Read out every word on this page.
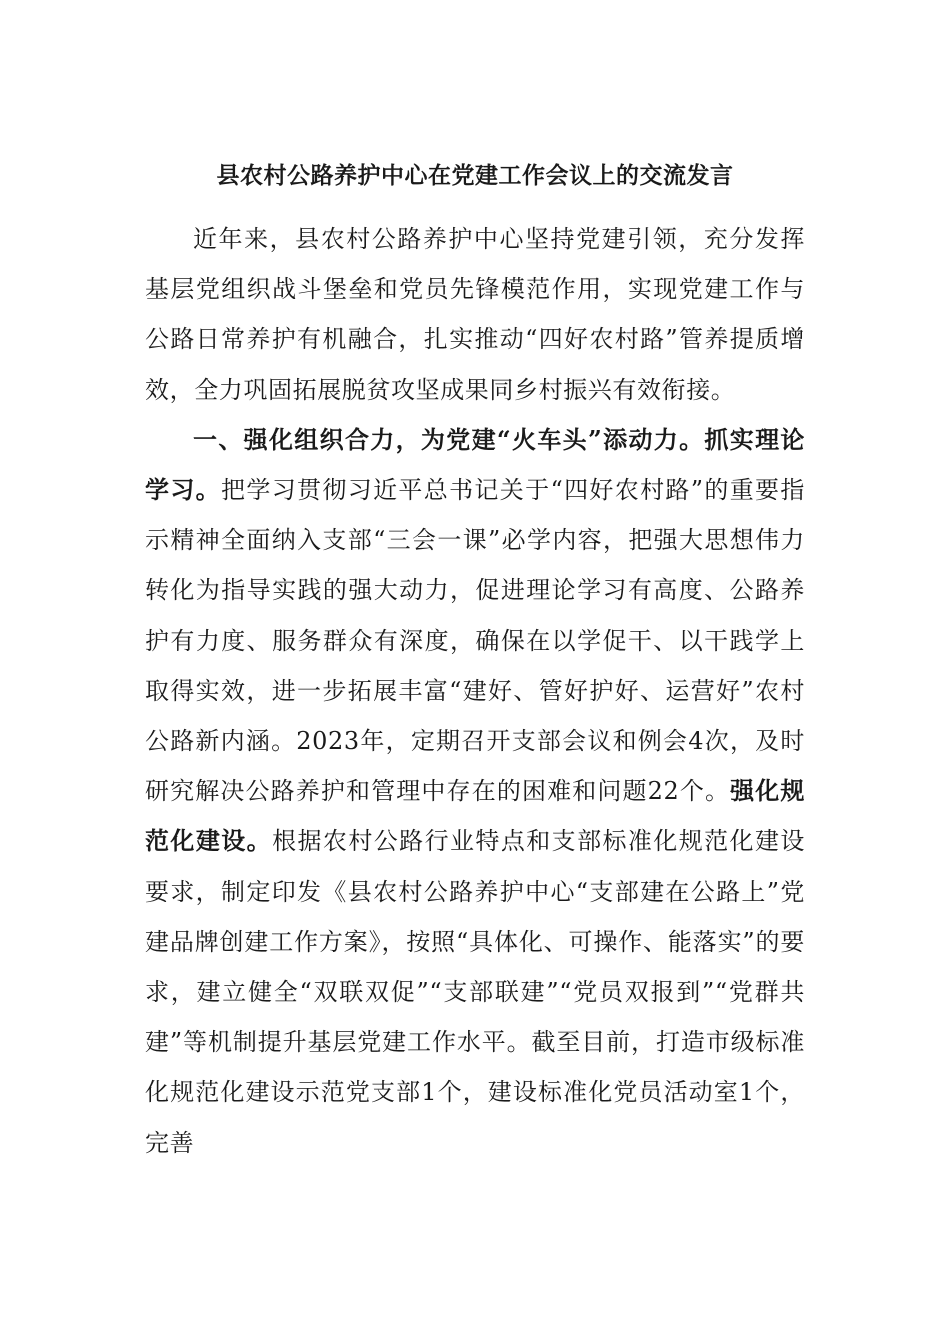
县农村公路养护中心在党建工作会议上的交流发言

近年来，县农村公路养护中心坚持党建引领，充分发挥基层党组织战斗堡垒和党员先锋模范作用，实现党建工作与公路日常养护有机融合，扎实推动“四好农村路”管养提质增效，全力巩固拓展脱贫攻坚成果同乡村振兴有效衔接。

一、强化组织合力，为党建“火车头”添动力。抓实理论学习。把学习贯彻习近平总书记关于“四好农村路”的重要指示精神全面纳入支部“三会一课”必学内容，把强大思想伟力转化为指导实践的强大动力，促进理论学习有高度、公路养护有力度、服务群众有深度，确保在以学促干、以干践学上取得实效，进一步拓展丰富“建好、管好护好、运营好”农村公路新内涵。2023年，定期召开支部会议和例会4次，及时研究解决公路养护和管理中存在的困难和问题22个。强化规范化建设。根据农村公路行业特点和支部标准化规范化建设要求，制定印发《县农村公路养护中心“支部建在公路上”党建品牌创建工作方案》，按照“具体化、可操作、能落实”的要求，建立健全“双联双促”“支部联建”“党员双报到”“党群共建”等机制提升基层党建工作水平。截至目前，打造市级标准化规范化建设示范党支部1个，建设标准化党员活动室1个，完善
